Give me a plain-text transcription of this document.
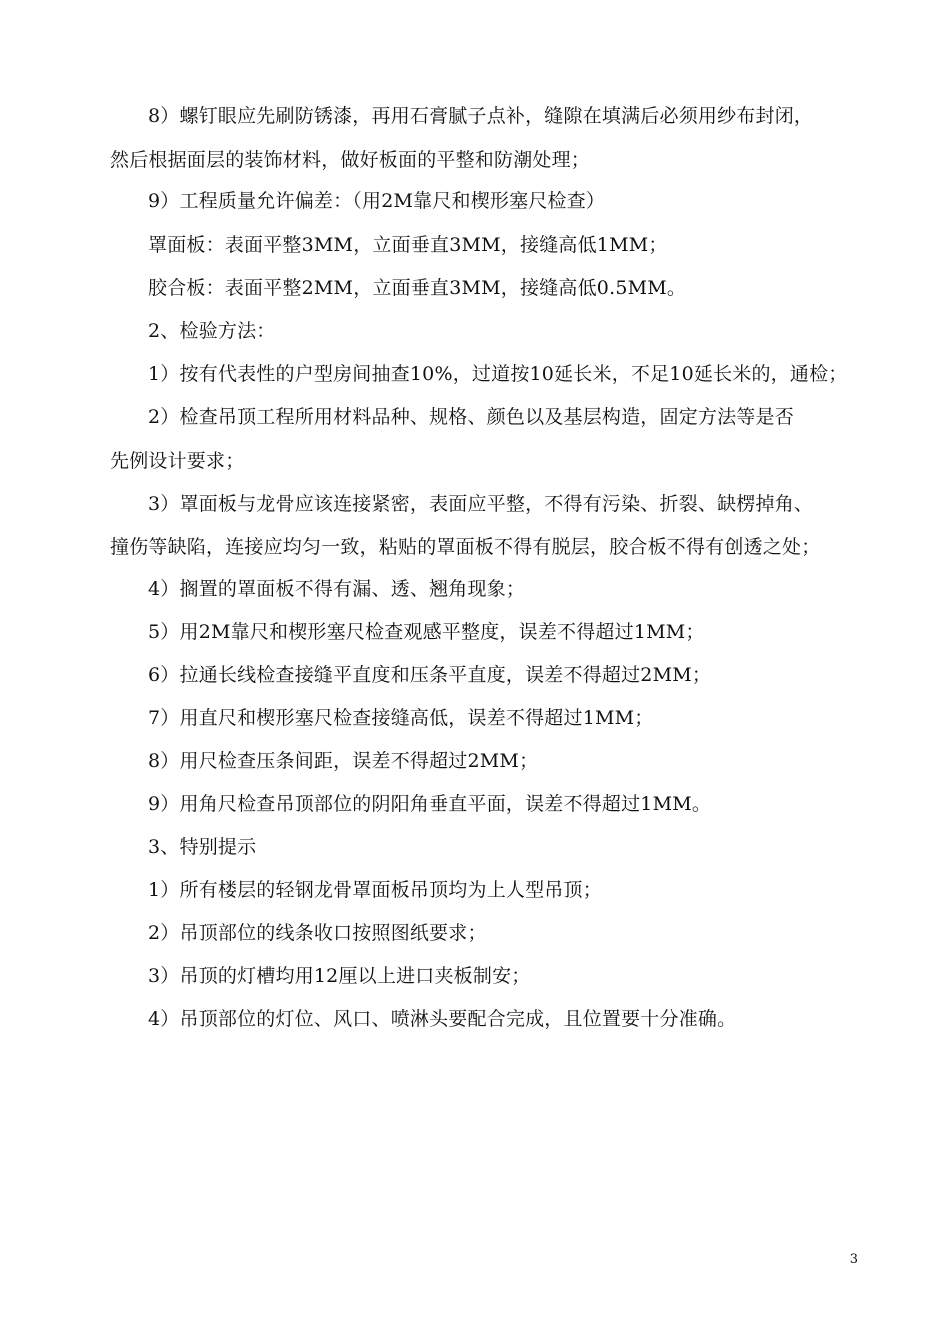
8）螺钉眼应先刷防锈漆，再用石膏腻子点补，缝隙在填满后必须用纱布封闭，
然后根据面层的装饰材料，做好板面的平整和防潮处理；
9）工程质量允许偏差：（用2M靠尺和楔形塞尺检查）
罩面板：表面平整3MM，立面垂直3MM，接缝高低1MM；
胶合板：表面平整2MM，立面垂直3MM，接缝高低0.5MM。
2、检验方法：
1）按有代表性的户型房间抽查10%，过道按10延长米，不足10延长米的，通检；
2）检查吊顶工程所用材料品种、规格、颜色以及基层构造，固定方法等是否
先例设计要求；
3）罩面板与龙骨应该连接紧密，表面应平整，不得有污染、折裂、缺楞掉角、
撞伤等缺陷，连接应均匀一致，粘贴的罩面板不得有脱层，胶合板不得有创透之处；
4）搁置的罩面板不得有漏、透、翘角现象；
5）用2M靠尺和楔形塞尺检查观感平整度，误差不得超过1MM；
6）拉通长线检查接缝平直度和压条平直度，误差不得超过2MM；
7）用直尺和楔形塞尺检查接缝高低，误差不得超过1MM；
8）用尺检查压条间距，误差不得超过2MM；
9）用角尺检查吊顶部位的阴阳角垂直平面，误差不得超过1MM。
3、特别提示
1）所有楼层的轻钢龙骨罩面板吊顶均为上人型吊顶；
2）吊顶部位的线条收口按照图纸要求；
3）吊顶的灯槽均用12厘以上进口夹板制安；
4）吊顶部位的灯位、风口、喷淋头要配合完成，且位置要十分准确。
3
